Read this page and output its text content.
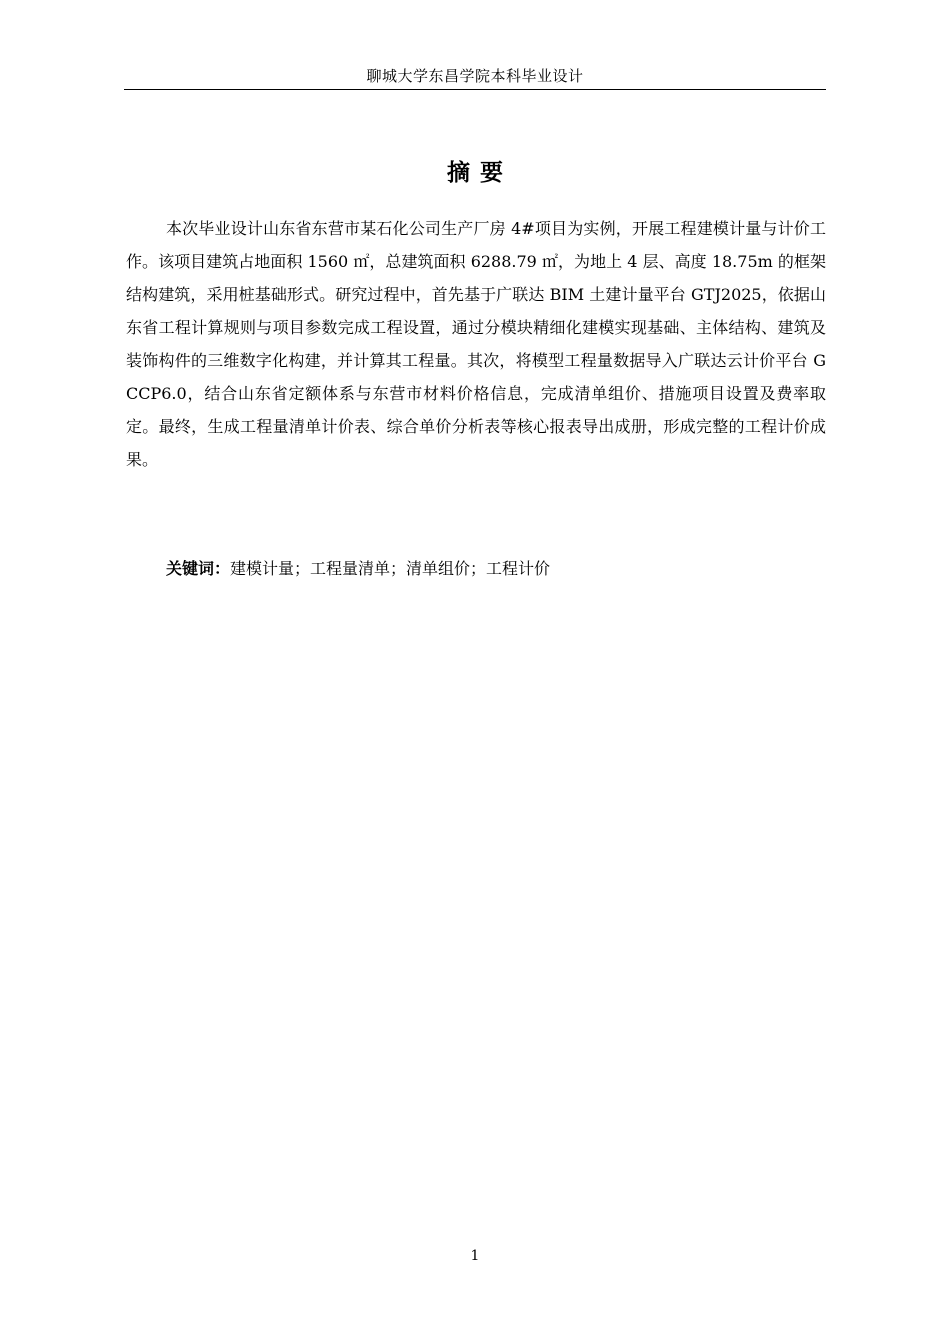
聊城大学东昌学院本科毕业设计
摘要

本次毕业设计山东省东营市某石化公司生产厂房 4#项目为实例，开展工程建模计量与计价工作。该项目建筑占地面积 1560 ㎡，总建筑面积 6288.79 ㎡，为地上 4 层、高度 18.75m 的框架结构建筑，采用桩基础形式。研究过程中，首先基于广联达 BIM 土建计量平台 GTJ2025，依据山东省工程计算规则与项目参数完成工程设置，通过分模块精细化建模实现基础、主体结构、建筑及装饰构件的三维数字化构建，并计算其工程量。其次，将模型工程量数据导入广联达云计价平台 GCCP6.0，结合山东省定额体系与东营市材料价格信息，完成清单组价、措施项目设置及费率取定。最终，生成工程量清单计价表、综合单价分析表等核心报表导出成册，形成完整的工程计价成果。

关键词：建模计量；工程量清单；清单组价；工程计价

1
